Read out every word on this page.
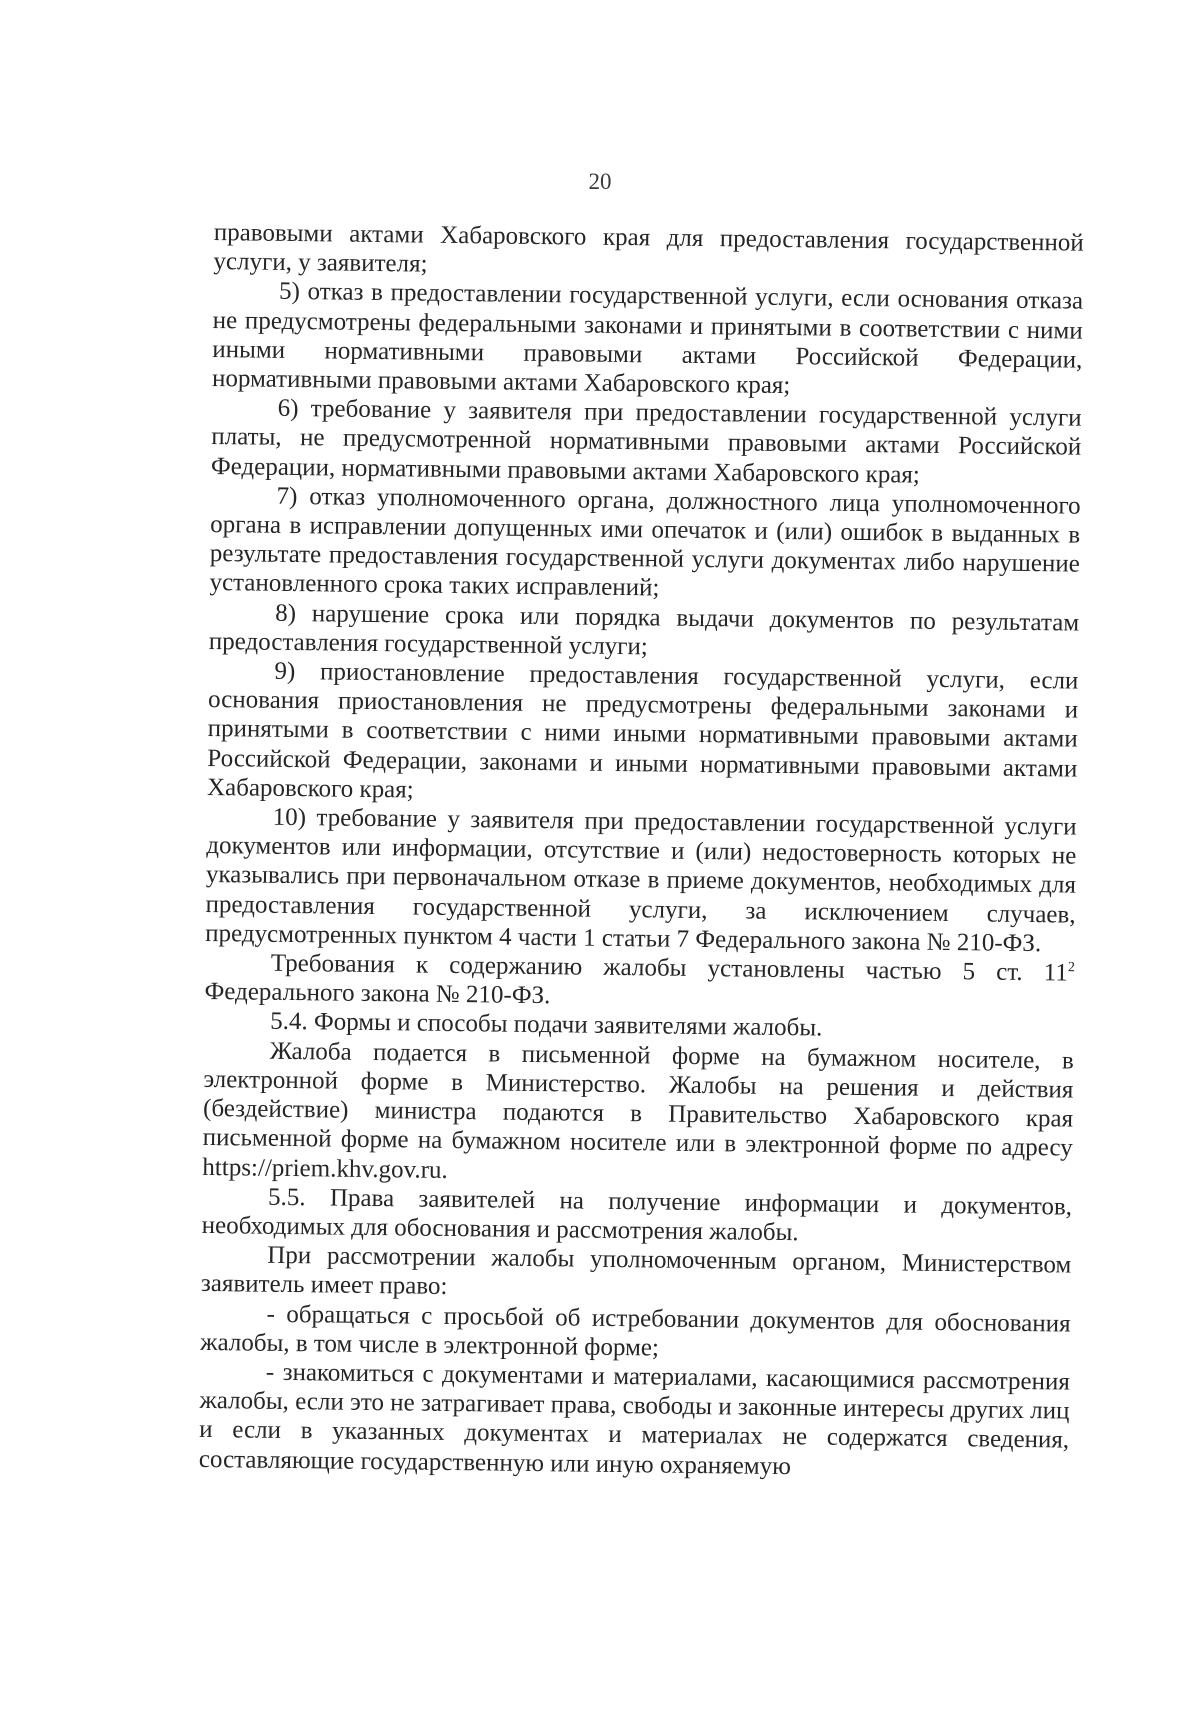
20

правовыми актами Хабаровского края для предоставления государственной услуги, у заявителя;

5) отказ в предоставлении государственной услуги, если основания отказа не предусмотрены федеральными законами и принятыми в соответствии с ними иными нормативными правовыми актами Российской Федерации, нормативными правовыми актами Хабаровского края;

6) требование у заявителя при предоставлении государственной услуги платы, не предусмотренной нормативными правовыми актами Российской Федерации, нормативными правовыми актами Хабаровского края;

7) отказ уполномоченного органа, должностного лица уполномоченного органа в исправлении допущенных ими опечаток и (или) ошибок в выданных в результате предоставления государственной услуги документах либо нарушение установленного срока таких исправлений;

8) нарушение срока или порядка выдачи документов по результатам предоставления государственной услуги;

9) приостановление предоставления государственной услуги, если основания приостановления не предусмотрены федеральными законами и принятыми в соответствии с ними иными нормативными правовыми актами Российской Федерации, законами и иными нормативными правовыми актами Хабаровского края;

10) требование у заявителя при предоставлении государственной услуги документов или информации, отсутствие и (или) недостоверность которых не указывались при первоначальном отказе в приеме документов, необходимых для предоставления государственной услуги, за исключением случаев, предусмотренных пунктом 4 части 1 статьи 7 Федерального закона № 210-ФЗ.

Требования к содержанию жалобы установлены частью 5 ст. $11^2$ Федерального закона № 210-ФЗ.

5.4. Формы и способы подачи заявителями жалобы.

Жалоба подается в письменной форме на бумажном носителе, в электронной форме в Министерство. Жалобы на решения и действия (бездействие) министра подаются в Правительство Хабаровского края письменной форме на бумажном носителе или в электронной форме по адресу https://priem.khv.gov.ru.

5.5. Права заявителей на получение информации и документов, необходимых для обоснования и рассмотрения жалобы.

При рассмотрении жалобы уполномоченным органом, Министерством заявитель имеет право:

- обращаться с просьбой об истребовании документов для обоснования жалобы, в том числе в электронной форме;

- знакомиться с документами и материалами, касающимися рассмотрения жалобы, если это не затрагивает права, свободы и законные интересы других лиц и если в указанных документах и материалах не содержатся сведения, составляющие государственную или иную охраняемую
